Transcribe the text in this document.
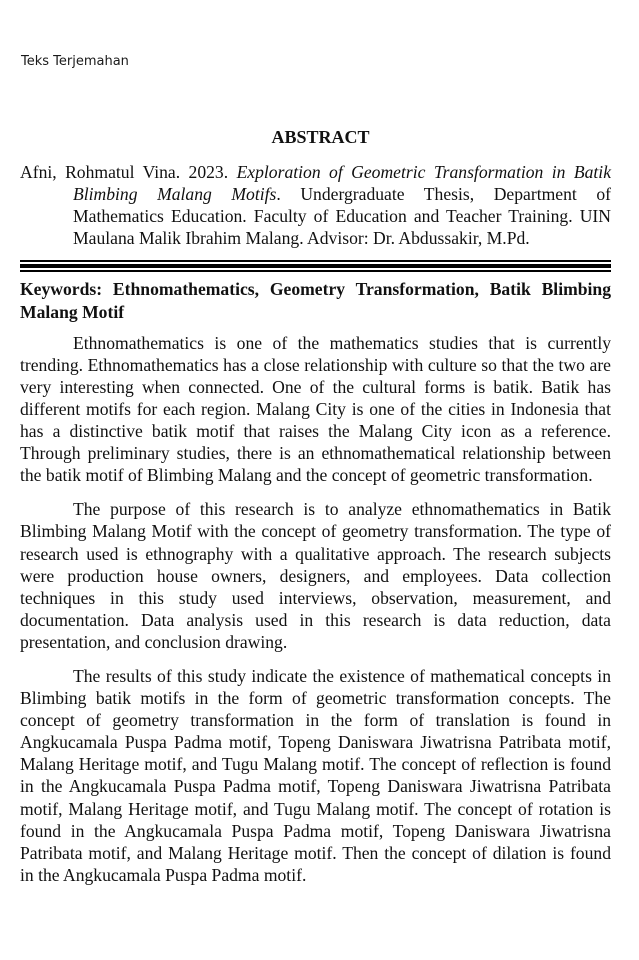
Teks Terjemahan
ABSTRACT

Afni, Rohmatul Vina. 2023. Exploration of Geometric Transformation in Batik Blimbing Malang Motifs. Undergraduate Thesis, Department of Mathematics Education. Faculty of Education and Teacher Training. UIN Maulana Malik Ibrahim Malang. Advisor: Dr. Abdussakir, M.Pd.

Keywords: Ethnomathematics, Geometry Transformation, Batik Blimbing Malang Motif

Ethnomathematics is one of the mathematics studies that is currently trending. Ethnomathematics has a close relationship with culture so that the two are very interesting when connected. One of the cultural forms is batik. Batik has different motifs for each region. Malang City is one of the cities in Indonesia that has a distinctive batik motif that raises the Malang City icon as a reference. Through preliminary studies, there is an ethnomathematical relationship between the batik motif of Blimbing Malang and the concept of geometric transformation.

The purpose of this research is to analyze ethnomathematics in Batik Blimbing Malang Motif with the concept of geometry transformation. The type of research used is ethnography with a qualitative approach. The research subjects were production house owners, designers, and employees. Data collection techniques in this study used interviews, observation, measurement, and documentation. Data analysis used in this research is data reduction, data presentation, and conclusion drawing.

The results of this study indicate the existence of mathematical concepts in Blimbing batik motifs in the form of geometric transformation concepts. The concept of geometry transformation in the form of translation is found in Angkucamala Puspa Padma motif, Topeng Daniswara Jiwatrisna Patribata motif, Malang Heritage motif, and Tugu Malang motif. The concept of reflection is found in the Angkucamala Puspa Padma motif, Topeng Daniswara Jiwatrisna Patribata motif, Malang Heritage motif, and Tugu Malang motif. The concept of rotation is found in the Angkucamala Puspa Padma motif, Topeng Daniswara Jiwatrisna Patribata motif, and Malang Heritage motif. Then the concept of dilation is found in the Angkucamala Puspa Padma motif.
